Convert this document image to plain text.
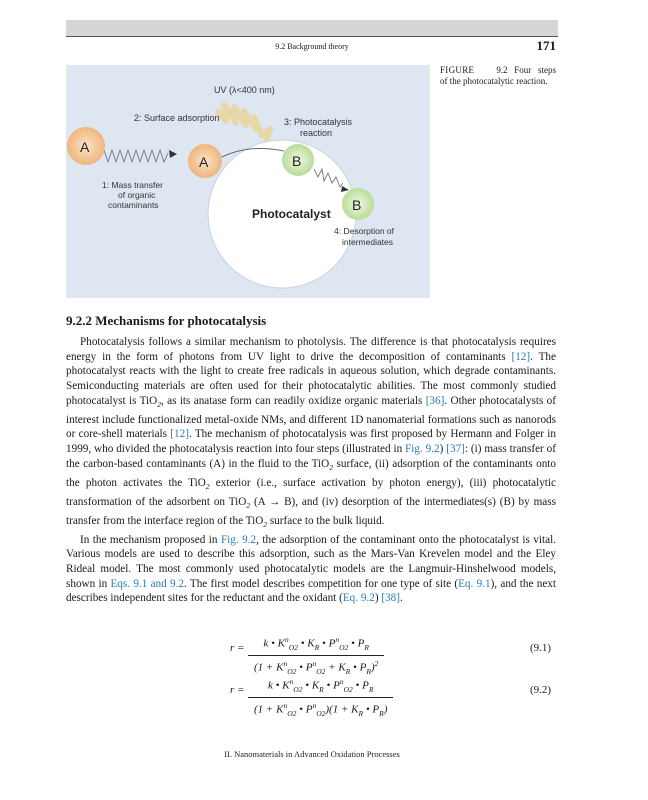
9.2 Background theory	171
UV (λ<400 nm)
Photocatalyst
2: Surface adsorption	3: Photocatalysis
reaction
A
A	B
B
1: Mass transfer
of organic
contaminants
4: Desorption of
intermediates
FIGURE 9.2 Four steps of the photocatalytic reaction.
9.2.2 Mechanisms for photocatalysis

Photocatalysis follows a similar mechanism to photolysis. The difference is that photocatalysis requires energy in the form of photons from UV light to drive the decomposition of contaminants [12]. The photocatalyst reacts with the light to create free radicals in aqueous solution, which degrade contaminants. Semiconducting materials are often used for their photocatalytic abilities. The most commonly studied photocatalyst is TiO$_2$, as its anatase form can readily oxidize organic materials [36]. Other photocatalysts of interest include functionalized metal-oxide NMs, and different 1D nanomaterial formations such as nanorods or core-shell materials [12]. The mechanism of photocatalysis was first proposed by Hermann and Folger in 1999, who divided the photocatalysis reaction into four steps (illustrated in Fig. 9.2) [37]: (i) mass transfer of the carbon-based contaminants (A) in the fluid to the TiO$_2$ surface, (ii) adsorption of the contaminants onto the photon activates the TiO$_2$ exterior (i.e., surface activation by photon energy), (iii) photocatalytic transformation of the adsorbent on TiO$_2$ (A → B), and (iv) desorption of the intermediates(s) (B) by mass transfer from the interface region of the TiO$_2$ surface to the bulk liquid.

In the mechanism proposed in Fig. 9.2, the adsorption of the contaminant onto the photocatalyst is vital. Various models are used to describe this adsorption, such as the Mars-Van Krevelen model and the Eley Rideal model. The most commonly used photocatalytic models are the Langmuir-Hinshelwood models, shown in Eqs. 9.1 and 9.2. The first model describes competition for one type of site (Eq. 9.1), and the next describes independent sites for the reductant and the oxidant (Eq. 9.2) [38].

r =	k • $K^n_{O2}$ • $K_R$ • $P^n_{O2}$ • $P_R$
($1 + K^n_{O2}$ • $P^n_{O2} + K_R$ • $P_R)^2$
(9.1)
r =	k • $K^n_{O2}$ • $K_R$ • $P^n_{O2}$ • $P_R$
($1 + K^n_{O2}$ • $P^n_{O2})(1 + K_R$ • $P_R$)
(9.2)
II. Nanomaterials in Advanced Oxidation Processes
